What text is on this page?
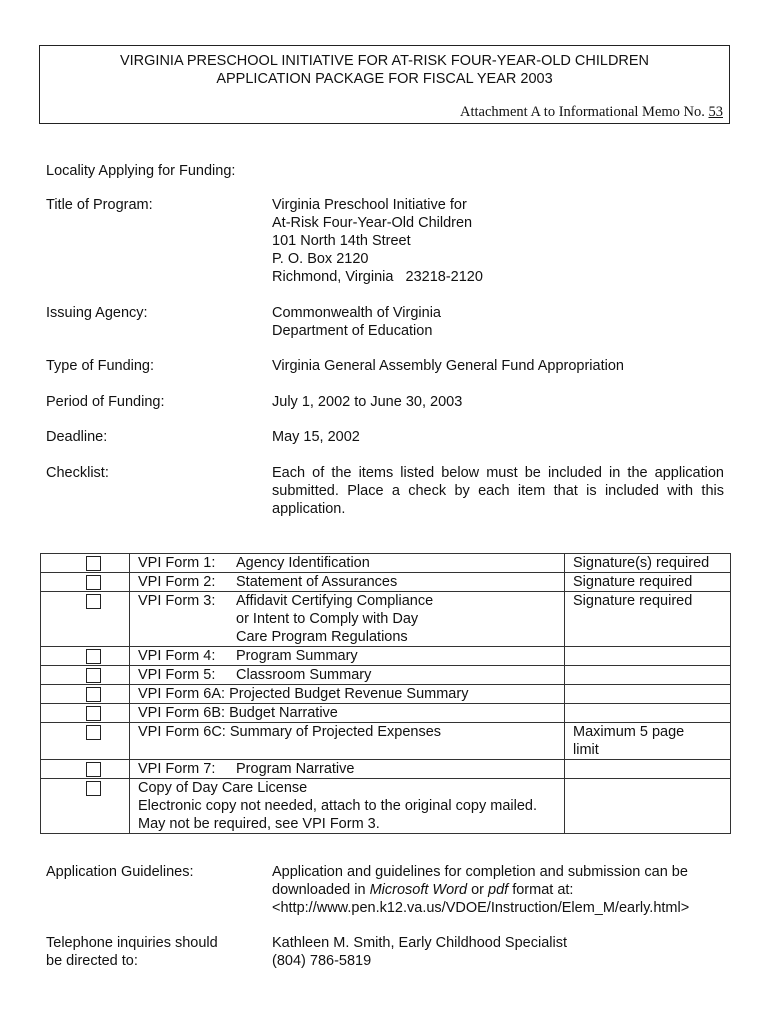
VIRGINIA PRESCHOOL INITIATIVE FOR AT-RISK FOUR-YEAR-OLD CHILDREN
APPLICATION PACKAGE FOR FISCAL YEAR 2003
Attachment A to Informational Memo No. 53
Locality Applying for Funding:
Title of Program:	Virginia Preschool Initiative for
At-Risk Four-Year-Old Children
101 North 14th Street
P. O. Box 2120
Richmond, Virginia   23218-2120
Issuing Agency:	Commonwealth of Virginia
Department of Education
Type of Funding:	Virginia General Assembly General Fund Appropriation
Period of Funding:	July 1, 2002 to June 30, 2003
Deadline:	May 15, 2002
Checklist:	Each of the items listed below must be included in the application submitted. Place a check by each item that is included with this application.
	VPI Form 1: Agency Identification	Signature(s) required

	VPI Form 2: Statement of Assurances	Signature required

	VPI Form 3: Affidavit Certifying Compliance
or Intent to Comply with Day
Care Program Regulations	Signature required

	VPI Form 4: Program Summary	

	VPI Form 5: Classroom Summary	

	VPI Form 6A: Projected Budget Revenue Summary	

	VPI Form 6B: Budget Narrative	

	VPI Form 6C: Summary of Projected Expenses	Maximum 5 page limit

	VPI Form 7: Program Narrative	

	Copy of Day Care License
Electronic copy not needed, attach to the original copy mailed.
May not be required, see VPI Form 3.	

Application Guidelines:	Application and guidelines for completion and submission can be downloaded in Microsoft Word or pdf format at:
<http://www.pen.k12.va.us/VDOE/Instruction/Elem_M/early.html>
Telephone inquiries should
be directed to:
Kathleen M. Smith, Early Childhood Specialist
(804) 786-5819
